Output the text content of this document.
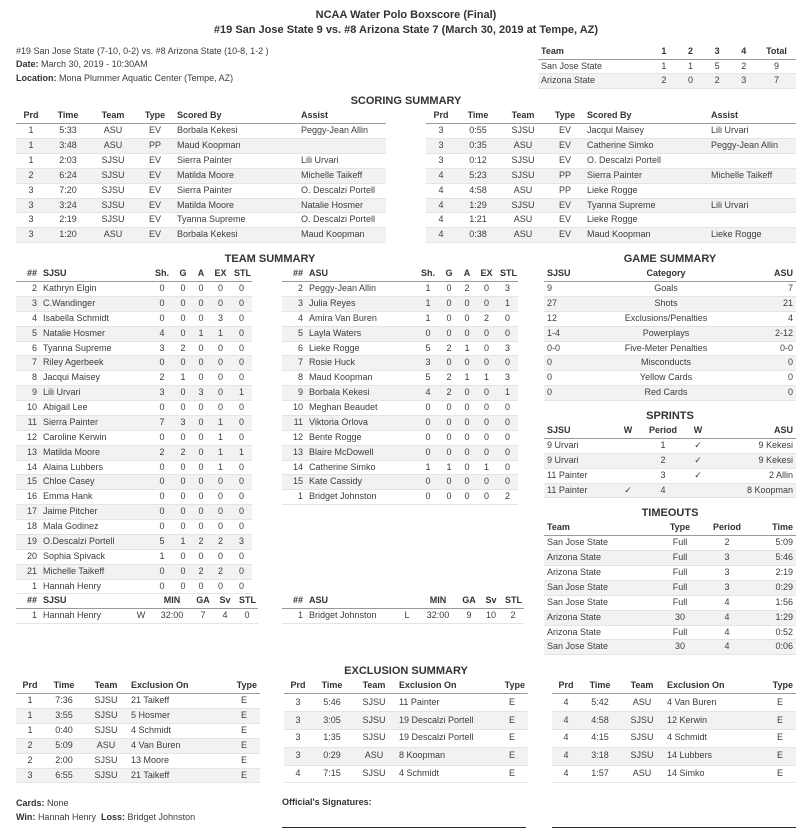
NCAA Water Polo Boxscore (Final)
#19 San Jose State 9 vs. #8 Arizona State 7 (March 30, 2019 at Tempe, AZ)
#19 San Jose State (7-10, 0-2) vs. #8 Arizona State (10-8, 1-2 )
Date: March 30, 2019 - 10:30AM
Location: Mona Plummer Aquatic Center (Tempe, AZ)
Team	1	2	3	4	Total
San Jose State	1	1	5	2	9
Arizona State	2	0	2	3	7
SCORING SUMMARY
Prd	Time	Team	Type	Scored By	Assist
1	5:33	ASU	EV	Borbala Kekesi	Peggy-Jean Allin
1	3:48	ASU	PP	Maud Koopman	
1	2:03	SJSU	EV	Sierra Painter	Lili Urvari
2	6:24	SJSU	EV	Matilda Moore	Michelle Taikeff
3	7:20	SJSU	EV	Sierra Painter	O. Descalzi Portell
3	3:24	SJSU	EV	Matilda Moore	Natalie Hosmer
3	2:19	SJSU	EV	Tyanna Supreme	O. Descalzi Portell
3	1:20	ASU	EV	Borbala Kekesi	Maud Koopman
Prd	Time	Team	Type	Scored By	Assist
3	0:55	SJSU	EV	Jacqui Maisey	Lili Urvari
3	0:35	ASU	EV	Catherine Simko	Peggy-Jean Allin
3	0:12	SJSU	EV	O. Descalzi Portell	
4	5:23	SJSU	PP	Sierra Painter	Michelle Taikeff
4	4:58	ASU	PP	Lieke Rogge	
4	1:29	SJSU	EV	Tyanna Supreme	Lili Urvari
4	1:21	ASU	EV	Lieke Rogge	
4	0:38	ASU	EV	Maud Koopman	Lieke Rogge
TEAM SUMMARY
##	SJSU	Sh.	G	A	EX	STL
2	Kathryn Elgin	0	0	0	0	0
3	C.Wandinger	0	0	0	0	0
4	Isabella Schmidt	0	0	0	3	0
5	Natalie Hosmer	4	0	1	1	0
6	Tyanna Supreme	3	2	0	0	0
7	Riley Agerbeek	0	0	0	0	0
8	Jacqui Maisey	2	1	0	0	0
9	Lili Urvari	3	0	3	0	1
10	Abigail Lee	0	0	0	0	0
11	Sierra Painter	7	3	0	1	0
12	Caroline Kerwin	0	0	0	1	0
13	Matilda Moore	2	2	0	1	1
14	Alaina Lubbers	0	0	0	1	0
15	Chloe Casey	0	0	0	0	0
16	Emma Hank	0	0	0	0	0
17	Jaime Pitcher	0	0	0	0	0
18	Mala Godinez	0	0	0	0	0
19	O.Descalzi Portell	5	1	2	2	3
20	Sophia Spivack	1	0	0	0	0
21	Michelle Taikeff	0	0	2	2	0
1	Hannah Henry	0	0	0	0	0
##	SJSU		MIN	GA	Sv	STL
1	Hannah Henry	W	32:00	7	4	0
##	ASU	Sh.	G	A	EX	STL
2	Peggy-Jean Allin	1	0	2	0	3
3	Julia Reyes	1	0	0	0	1
4	Amira Van Buren	1	0	0	2	0
5	Layla Waters	0	0	0	0	0
6	Lieke Rogge	5	2	1	0	3
7	Rosie Huck	3	0	0	0	0
8	Maud Koopman	5	2	1	1	3
9	Borbala Kekesi	4	2	0	0	1
10	Meghan Beaudet	0	0	0	0	0
11	Viktoria Orlova	0	0	0	0	0
12	Bente Rogge	0	0	0	0	0
13	Blaire McDowell	0	0	0	0	0
14	Catherine Simko	1	1	0	1	0
15	Kate Cassidy	0	0	0	0	0
1	Bridget Johnston	0	0	0	0	2
##	ASU		MIN	GA	Sv	STL
1	Bridget Johnston	L	32:00	9	10	2
GAME SUMMARY
SJSU	Category	ASU
9	Goals	7
27	Shots	21
12	Exclusions/Penalties	4
1-4	Powerplays	2-12
0-0	Five-Meter Penalties	0-0
0	Misconducts	0
0	Yellow Cards	0
0	Red Cards	0
SPRINTS
SJSU	W	Period	W	ASU
9 Urvari		1	✓	9 Kekesi
9 Urvari		2	✓	9 Kekesi
11 Painter		3	✓	2 Allin
11 Painter	✓	4		8 Koopman
TIMEOUTS
Team	Type	Period	Time
San Jose State	Full	2	5:09
Arizona State	Full	3	5:46
Arizona State	Full	3	2:19
San Jose State	Full	3	0:29
San Jose State	Full	4	1:56
Arizona State	30	4	1:29
Arizona State	Full	4	0:52
San Jose State	30	4	0:06
EXCLUSION SUMMARY
Prd	Time	Team	Exclusion On	Type
1	7:36	SJSU	21 Taikeff	E
1	3:55	SJSU	5 Hosmer	E
1	0:40	SJSU	4 Schmidt	E
2	5:09	ASU	4 Van Buren	E
2	2:00	SJSU	13 Moore	E
3	6:55	SJSU	21 Taikeff	E
Prd	Time	Team	Exclusion On	Type
3	5:46	SJSU	11 Painter	E
3	3:05	SJSU	19 Descalzi Portell	E
3	1:35	SJSU	19 Descalzi Portell	E
3	0:29	ASU	8 Koopman	E
4	7:15	SJSU	4 Schmidt	E
Prd	Time	Team	Exclusion On	Type
4	5:42	ASU	4 Van Buren	E
4	4:58	SJSU	12 Kerwin	E
4	4:15	SJSU	4 Schmidt	E
4	3:18	SJSU	14 Lubbers	E
4	1:57	ASU	14 Simko	E
Cards: None
Win: Hannah Henry Loss: Bridget Johnston
Official's Signatures:
